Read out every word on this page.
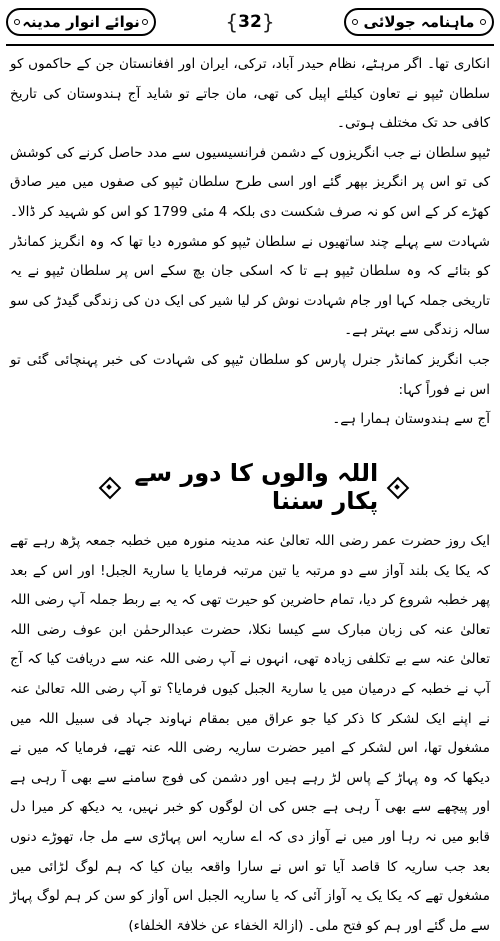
ماہنامہ جولائی
{ 32 }
نوائے انوار مدینہ

انکاری تھا۔ اگر مرہٹے، نظام حیدر آباد، ترکی، ایران اور افغانستان جن کے حاکموں کو سلطان ٹیپو نے تعاون کیلئے اپیل کی تھی، مان جاتے تو شاید آج ہندوستان کی تاریخ کافی حد تک مختلف ہوتی۔

ٹیپو سلطان نے جب انگریزوں کے دشمن فرانسیسیوں سے مدد حاصل کرنے کی کوشش کی تو اس پر انگریز بپھر گئے اور اسی طرح سلطان ٹیپو کی صفوں میں میر صادق کھڑے کر کے اس کو نہ صرف شکست دی بلکہ 4 مئی 1799 کو اس کو شہید کر ڈالا۔ شہادت سے پہلے چند ساتھیوں نے سلطان ٹیپو کو مشورہ دیا تھا کہ وہ انگریز کمانڈر کو بتائے کہ وہ سلطان ٹیپو ہے تا کہ اسکی جان بچ سکے اس پر سلطان ٹیپو نے یہ تاریخی جملہ کہا اور جام شہادت نوش کر لیا شیر کی ایک دن کی زندگی گیدڑ کی سو سالہ زندگی سے بہتر ہے۔

جب انگریز کمانڈر جنرل پارس کو سلطان ٹیپو کی شہادت کی خبر پہنچائی گئی تو اس نے فوراً کہا:

آج سے ہندوستان ہمارا ہے۔

اللہ والوں کا دور سے پکار سننا

ایک روز حضرت عمر رضی اللہ تعالیٰ عنہ مدینہ منورہ میں خطبہ جمعہ پڑھ رہے تھے کہ یکا یک بلند آواز سے دو مرتبہ یا تین مرتبہ فرمایا یا ساریۃ الجبل! اور اس کے بعد پھر خطبہ شروع کر دیا، تمام حاضرین کو حیرت تھی کہ یہ بے ربط جملہ آپ رضی اللہ تعالیٰ عنہ کی زبان مبارک سے کیسا نکلا، حضرت عبدالرحمٰن ابن عوف رضی اللہ تعالیٰ عنہ سے بے تکلفی زیادہ تھی، انہوں نے آپ رضی اللہ عنہ سے دریافت کیا کہ آج آپ نے خطبہ کے درمیان میں یا ساریۃ الجبل کیوں فرمایا؟ تو آپ رضی اللہ تعالیٰ عنہ نے اپنے ایک لشکر کا ذکر کیا جو عراق میں بمقام نہاوند جہاد فی سبیل اللہ میں مشغول تھا، اس لشکر کے امیر حضرت ساریہ رضی اللہ عنہ تھے، فرمایا کہ میں نے دیکھا کہ وہ پہاڑ کے پاس لڑ رہے ہیں اور دشمن کی فوج سامنے سے بھی آ رہی ہے اور پیچھے سے بھی آ رہی ہے جس کی ان لوگوں کو خبر نہیں، یہ دیکھ کر میرا دل قابو میں نہ رہا اور میں نے آواز دی کہ اے ساریہ اس پہاڑی سے مل جا، تھوڑے دنوں بعد جب ساریہ کا قاصد آیا تو اس نے سارا واقعہ بیان کیا کہ ہم لوگ لڑائی میں مشغول تھے کہ یکا یک یہ آواز آئی کہ یا ساریہ الجبل اس آواز کو سن کر ہم لوگ پہاڑ سے مل گئے اور ہم کو فتح ملی۔ (ازالۃ الخفاء عن خلافۃ الخلفاء)
